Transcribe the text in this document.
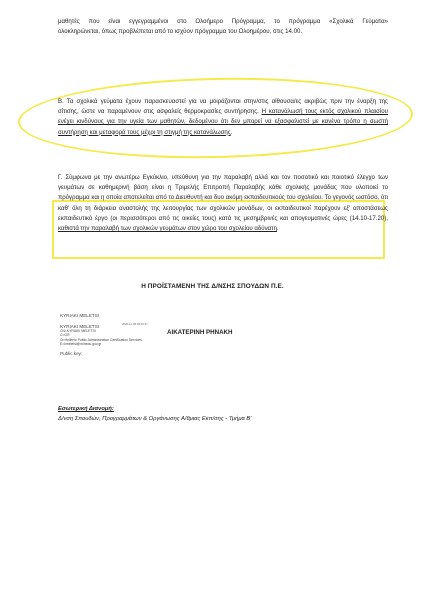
μαθητές που είναι εγγεγραμμένοι στο Ολοήμερο Πρόγραμμα, το πρόγραμμα «Σχολικά Γεύματα»
ολοκληρώνεται, όπως προβλέπεται από το ισχύον πρόγραμμα του Ολοημέρου, στις 14.00.
Β. Τα σχολικά γεύματα έχουν παρασκευαστεί για να μοιράζονται στην/στις αίθουσα/ες ακριβώς πριν την έναρξη της σίτισης, ώστε να παραμένουν στις ασφαλείς θερμοκρασίες συντήρησης. Η κατανάλωσή τους εκτός σχολικού πλαισίου ενέχει κινδύνους για την υγεία των μαθητών, δεδομένου ότι δεν μπορεί να εξασφαλιστεί με κανένα τρόπο η σωστή συντήρηση και μεταφορά τους μέχρι τη στιγμή της κατανάλωσης.
Γ. Σύμφωνα με την ανωτέρω Εγκύκλιο, υπεύθυνη για την παραλαβή αλλά και τον ποσοτικό και ποιοτικό έλεγχο των γευμάτων σε καθημερινή βάση είναι η Τριμελής Επιτροπή Παραλαβής κάθε σχολικής μονάδας που υλοποιεί το πρόγραμμα και η οποία αποτελείται από το Διευθυντή και δυο ακόμη εκπαιδευτικούς του σχολείου. Το γεγονός ωστόσο, ότι καθ' όλη τη διάρκεια αναστολής της λειτουργίας των σχολικών μονάδων, οι εκπαιδευτικοί παρέχουν εξ' αποστάσεως εκπαιδευτικό έργο (οι περισσότεροι από τις οικείες τους) κατά τις μεσημβρινές και απογευματινές ώρες (14.10-17.20), καθιστά την παραλαβή των σχολικών γευμάτων στον χώρο του σχολείου αδύνατη.
Η ΠΡΟΪΣΤΑΜΕΝΗ ΤΗΣ Δ/ΝΣΗΣ ΣΠΟΥΔΩΝ Π.Ε.
KYRIAKI MELETSI
2020.12.08 08:49:37
KYRIAKI MELETSI
CN=KYRIAKI MELETSI
C=GR
O=Hellenic Public Administration Certification Services
E=kmeletsi@minedu.gov.gr
Public key:
ΑΙΚΑΤΕΡΙΝΗ ΡΗΝΑΚΗ
Εσωτερική Διανομή:
Δ/νση Σπουδών, Προγραμμάτων & Οργάνωσης Α/θμιας Εκπ/σης - Τμήμα Β'
